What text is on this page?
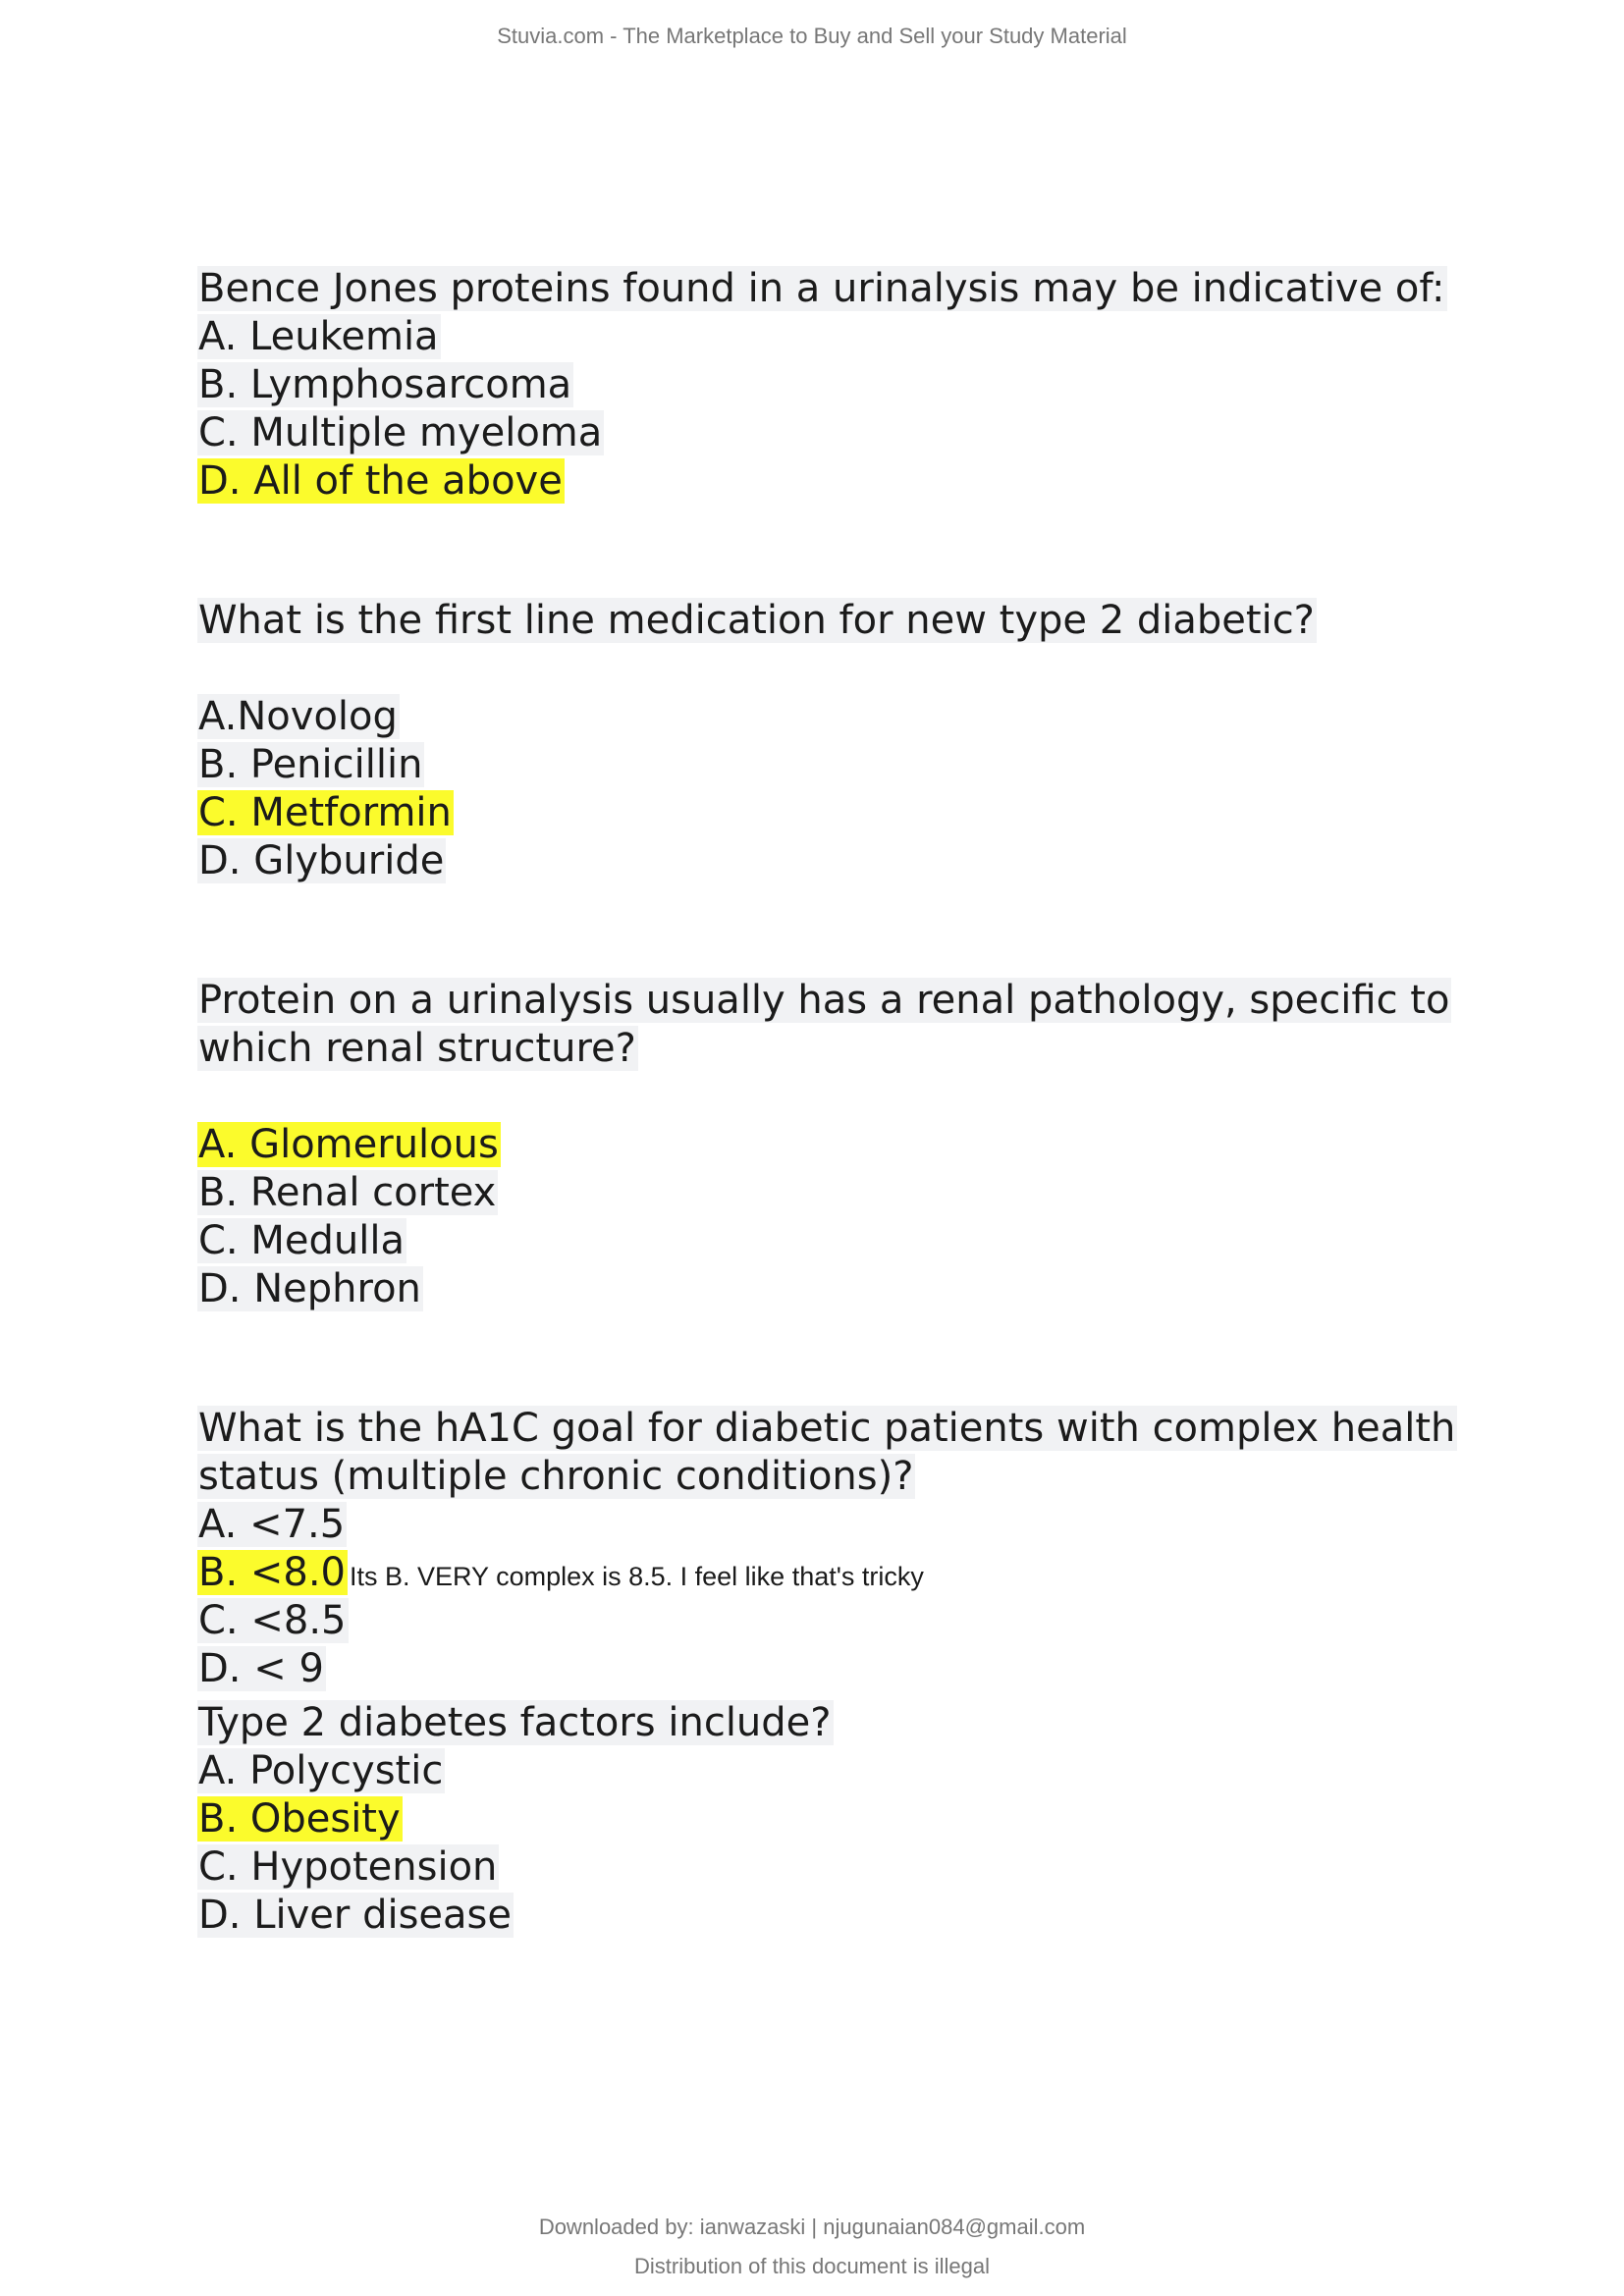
Stuvia.com - The Marketplace to Buy and Sell your Study Material
Bence Jones proteins found in a urinalysis may be indicative of:
A. Leukemia
B. Lymphosarcoma
C. Multiple myeloma
D. All of the above
What is the first line medication for new type 2 diabetic?
A.Novolog
B. Penicillin
C. Metformin
D. Glyburide
Protein on a urinalysis usually has a renal pathology, specific to
which renal structure?
A. Glomerulous
B. Renal cortex
C. Medulla
D. Nephron
What is the hA1C goal for diabetic patients with complex health
status (multiple chronic conditions)?
A. <7.5
B. <8.0 Its B. VERY complex is 8.5. I feel like that's tricky
C. <8.5
D. < 9
Type 2 diabetes factors include?
A. Polycystic
B. Obesity
C. Hypotension
D. Liver disease
Downloaded by: ianwazaski | njugunaian084@gmail.com
Distribution of this document is illegal
